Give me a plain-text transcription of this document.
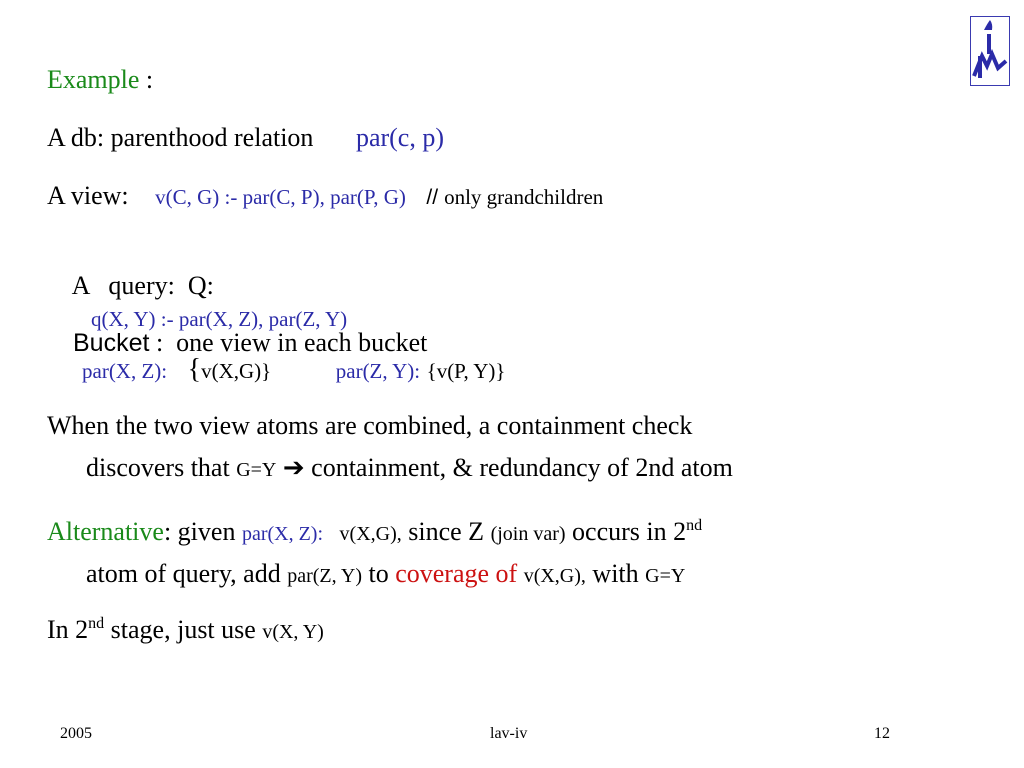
Example :
A db: parenthood relation par(c, p)
A view: v(C, G) :- par(C, P), par(P, G) // only grandchildren

A   query:  Q:
q(X, Y) :- par(X, Z), par(Z, Y)

Bucket :  one view in each bucket

par(X, Z): {v(X,G)}	par(Z, Y): {v(P, Y)}
When the two view atoms are combined, a containment check
discovers that G=Y ➔ containment, & redundancy of 2nd atom
Alternative: given par(X, Z): v(X,G), since Z (join var) occurs in 2nd
atom of query, add par(Z, Y) to coverage of v(X,G), with G=Y
In 2nd stage, just use v(X, Y)
2005	lav-iv	12
